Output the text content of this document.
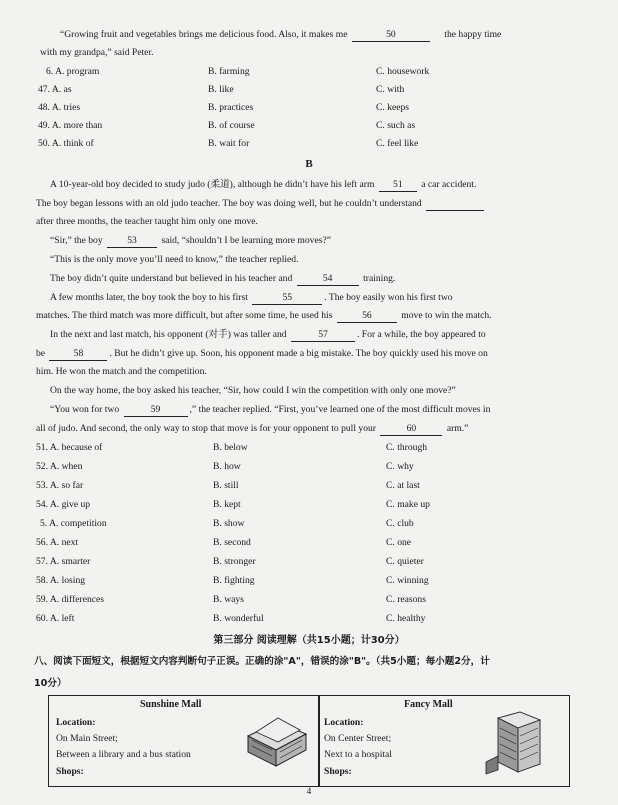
“Growing fruit and vegetables brings me delicious food. Also, it makes me	50	the happy time
with my grandpa,” said Peter.
6. A. program	B. farming	C. housework
47. A. as	B. like	C. with
48. A. tries	B. practices	C. keeps
49. A. more than	B. of course	C. such as
50. A. think of	B. wait for	C. feel like
B
A 10-year-old boy decided to study judo (柔道), although he didn’t have his left arm 51 a car accident.
The boy began lessons with an old judo teacher. The boy was doing well, but he couldn’t understand
after three months, the teacher taught him only one move.
“Sir,” the boy	53	said, “shouldn’t I be learning more moves?”
“This is the only move you’ll need to know,” the teacher replied.
The boy didn’t quite understand but believed in his teacher and	54	training.
A few months later, the boy took the boy to his first	55	. The boy easily won his first two
matches. The third match was more difficult, but after some time, he used his	56	move to win the match.
In the next and last match, his opponent (对手) was taller and	57	. For a while, the boy appeared to
be	58	. But he didn’t give up. Soon, his opponent made a big mistake. The boy quickly used his move on
him. He won the match and the competition.
On the way home, the boy asked his teacher, “Sir, how could I win the competition with only one move?”
“You won for two	59	,” the teacher replied. “First, you’ve learned one of the most difficult moves in
all of judo. And second, the only way to stop that move is for your opponent to pull your	60	arm.”
51. A. because of	B. below	C. through
52. A. when	B. how	C. why
53. A. so far	B. still	C. at last
54. A. give up	B. kept	C. make up
5. A. competition	B. show	C. club
56. A. next	B. second	C. one
57. A. smarter	B. stronger	C. quieter
58. A. losing	B. fighting	C. winning
59. A. differences	B. ways	C. reasons
60. A. left	B. wonderful	C. healthy
第三部分 阅读理解（共15小题；计30分）
八、阅读下面短文，根据短文内容判断句子正误。正确的涂"A"，错误的涂"B"。（共5小题；每小题2分，计
10分）
Sunshine Mall
Location:
On Main Street;
Between a library and a bus station
Shops:
Fancy Mall
Location:
On Center Street;
Next to a hospital
Shops:
4
